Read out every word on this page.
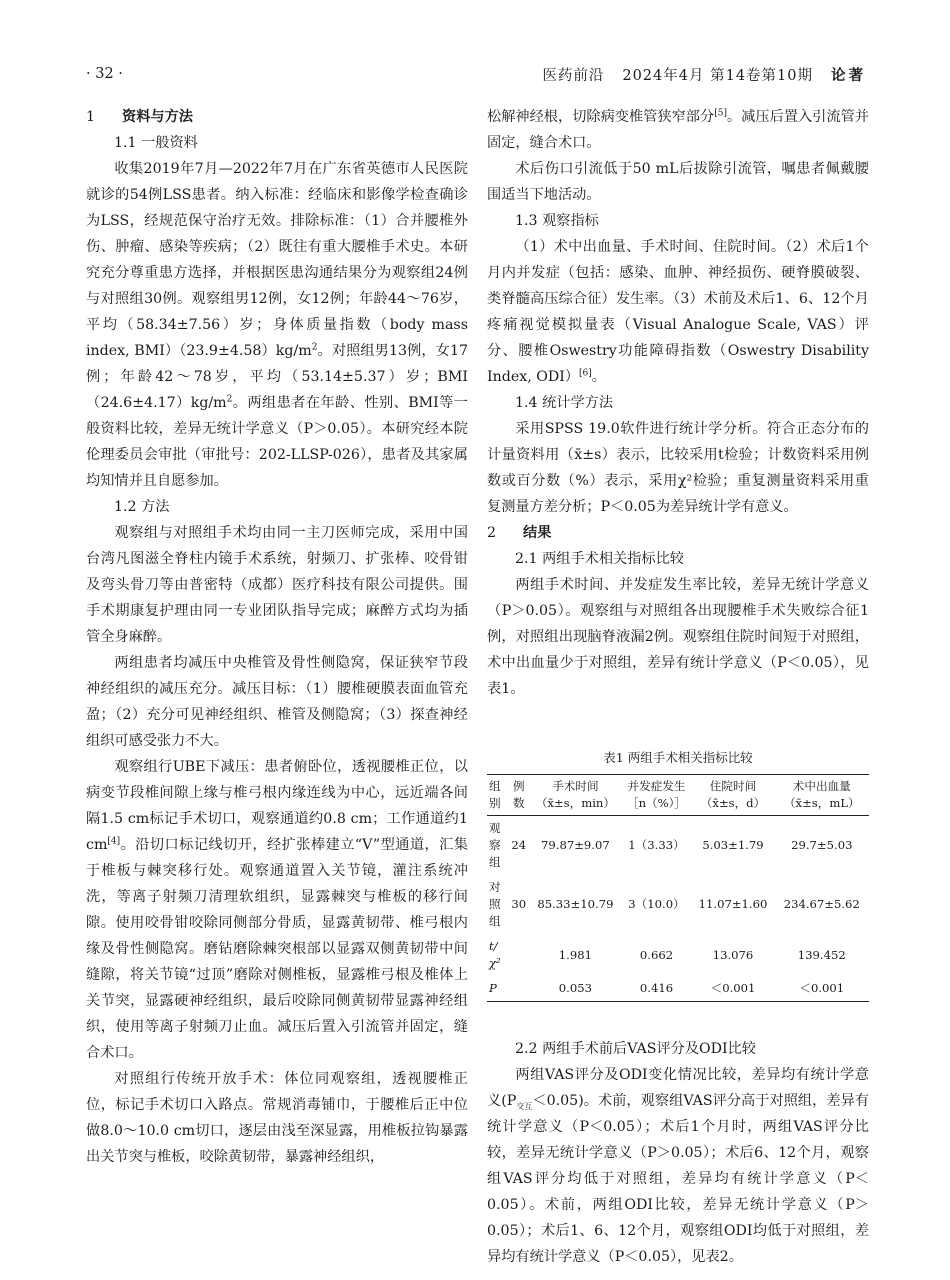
· 32 ·	医药前沿 2024年4月 第14卷第10期 论著

1 资料与方法

1.1 一般资料

收集2019年7月—2022年7月在广东省英德市人民医院就诊的54例LSS患者。纳入标准：经临床和影像学检查确诊为LSS，经规范保守治疗无效。排除标准：（1）合并腰椎外伤、肿瘤、感染等疾病；（2）既往有重大腰椎手术史。本研究充分尊重患方选择，并根据医患沟通结果分为观察组24例与对照组30例。观察组男12例，女12例；年龄44～76岁，平均（58.34±7.56）岁；身体质量指数（body mass index, $BMI)(23.9\pm 4.58)kg/m^2$。对照组男13例，女17例；年龄42～78岁，平均（53.14±5.37）岁；$BMI(24.6\pm 4.17)kg/m^2$。两组患者在年龄、性别、BMI等一般资料比较，差异无统计学意义（P＞0.05）。本研究经本院伦理委员会审批（审批号：202-LLSP-026），患者及其家属均知情并且自愿参加。

1.2 方法

观察组与对照组手术均由同一主刀医师完成，采用中国台湾凡图滋全脊柱内镜手术系统，射频刀、扩张棒、咬骨钳及弯头骨刀等由普密特（成都）医疗科技有限公司提供。围手术期康复护理由同一专业团队指导完成；麻醉方式均为插管全身麻醉。

两组患者均减压中央椎管及骨性侧隐窝，保证狭窄节段神经组织的减压充分。减压目标：（1）腰椎硬膜表面血管充盈；（2）充分可见神经组织、椎管及侧隐窝；（3）探查神经组织可感受张力不大。

观察组行UBE下减压：患者俯卧位，透视腰椎正位，以病变节段椎间隙上缘与椎弓根内缘连线为中心，远近端各间隔1.5 cm标记手术切口，观察通道约0.8 cm；工作通道约1 cm[4]。沿切口标记线切开，经扩张棒建立“V”型通道，汇集于椎板与棘突移行处。观察通道置入关节镜，灌注系统冲洗，等离子射频刀清理软组织，显露棘突与椎板的移行间隙。使用咬骨钳咬除同侧部分骨质，显露黄韧带、椎弓根内缘及骨性侧隐窝。磨钻磨除棘突根部以显露双侧黄韧带中间缝隙，将关节镜“过顶”磨除对侧椎板，显露椎弓根及椎体上关节突，显露硬神经组织，最后咬除同侧黄韧带显露神经组织，使用等离子射频刀止血。减压后置入引流管并固定，缝合术口。

对照组行传统开放手术：体位同观察组，透视腰椎正位，标记手术切口入路点。常规消毒铺巾，于腰椎后正中位做8.0～10.0 cm切口，逐层由浅至深显露，用椎板拉钩暴露出关节突与椎板，咬除黄韧带，暴露神经组织，

松解神经根，切除病变椎管狭窄部分[5]。减压后置入引流管并固定，缝合术口。

术后伤口引流低于50 mL后拔除引流管，嘱患者佩戴腰围适当下地活动。

1.3 观察指标

（1）术中出血量、手术时间、住院时间。（2）术后1个月内并发症（包括：感染、血肿、神经损伤、硬脊膜破裂、类脊髓高压综合征）发生率。（3）术前及术后1、6、12个月疼痛视觉模拟量表（Visual Analogue Scale, VAS）评分、腰椎Oswestry功能障碍指数（Oswestry Disability Index, ODI）[6]。

1.4 统计学方法

采用SPSS 19.0软件进行统计学分析。符合正态分布的计量资料用（x̄±s）表示，比较采用t检验；计数资料采用例数或百分数（%）表示，采用χ²检验；重复测量资料采用重复测量方差分析；P＜0.05为差异统计学有意义。

2 结果

2.1 两组手术相关指标比较

两组手术时间、并发症发生率比较，差异无统计学意义（P＞0.05）。观察组与对照组各出现腰椎手术失败综合征1例，对照组出现脑脊液漏2例。观察组住院时间短于对照组，术中出血量少于对照组，差异有统计学意义（P＜0.05），见表1。

表1 两组手术相关指标比较
组别	例数	手术时间（x̄±s，min）	并发症发生［n（%）］	住院时间（x̄±s，d）	术中出血量（x̄±s，mL）
观察组	24	79.87±9.07	1（3.33）	5.03±1.79	29.7±5.03
对照组	30	85.33±10.79	3（10.0）	11.07±1.60	234.67±5.62
t/χ²		1.981	0.662	13.076	139.452
P		0.053	0.416	＜0.001	＜0.001

2.2 两组手术前后VAS评分及ODI比较

两组VAS评分及ODI变化情况比较，差异均有统计学意义$(P_{交互}<0.05)$。术前，观察组VAS评分高于对照组，差异有统计学意义（P＜0.05）；术后1个月时，两组VAS评分比较，差异无统计学意义（P＞0.05）；术后6、12个月，观察组VAS评分均低于对照组，差异均有统计学意义（P＜0.05）。术前，两组ODI比较，差异无统计学意义（P＞0.05）；术后1、6、12个月，观察组ODI均低于对照组，差异均有统计学意义（P＜0.05），见表2。
